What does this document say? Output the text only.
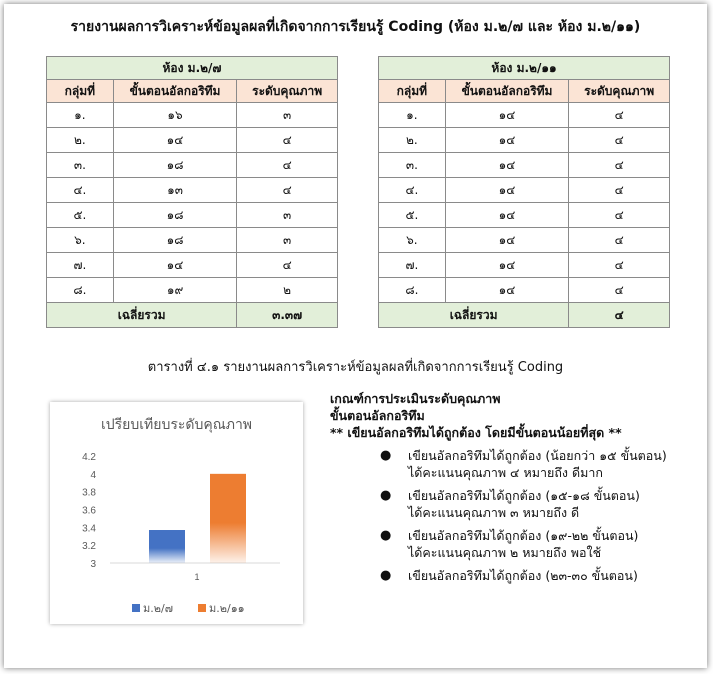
รายงานผลการวิเคราะห์ข้อมูลผลที่เกิดจากการเรียนรู้ Coding (ห้อง ม.๒/๗ และ ห้อง ม.๒/๑๑)
ห้อง ม.๒/๗		
กลุ่มที่	ขั้นตอนอัลกอริทึม	ระดับคุณภาพ
๑.	๑๖	๓
๒.	๑๔	๔
๓.	๑๘	๔
๔.	๑๓	๔
๕.	๑๘	๓
๖.	๑๘	๓
๗.	๑๔	๔
๘.	๑๙	๒
เฉลี่ยรวม		๓.๓๗
ห้อง ม.๒/๑๑		
กลุ่มที่	ขั้นตอนอัลกอริทึม	ระดับคุณภาพ
๑.	๑๔	๔
๒.	๑๔	๔
๓.	๑๔	๔
๔.	๑๔	๔
๕.	๑๔	๔
๖.	๑๔	๔
๗.	๑๔	๔
๘.	๑๔	๔
เฉลี่ยรวม		๔
ตารางที่ ๔.๑ รายงานผลการวิเคราะห์ข้อมูลผลที่เกิดจากการเรียนรู้ Coding
เปรียบเทียบระดับคุณภาพ
3
3.2
3.4
3.6
3.8
4
4.2
1
ม.๒/๗	ม.๒/๑๑
เกณฑ์การประเมินระดับคุณภาพ
ขั้นตอนอัลกอริทึม
** เขียนอัลกอริทึมได้ถูกต้อง โดยมีขั้นตอนน้อยที่สุด **
● เขียนอัลกอริทึมได้ถูกต้อง (น้อยกว่า ๑๕ ขั้นตอน)
ได้คะแนนคุณภาพ ๔ หมายถึง ดีมาก
● เขียนอัลกอริทึมได้ถูกต้อง (๑๕-๑๘ ขั้นตอน)
ได้คะแนนคุณภาพ ๓ หมายถึง ดี
● เขียนอัลกอริทึมได้ถูกต้อง (๑๙-๒๒ ขั้นตอน)
ได้คะแนนคุณภาพ ๒ หมายถึง พอใช้
● เขียนอัลกอริทึมได้ถูกต้อง (๒๓-๓๐ ขั้นตอน)
